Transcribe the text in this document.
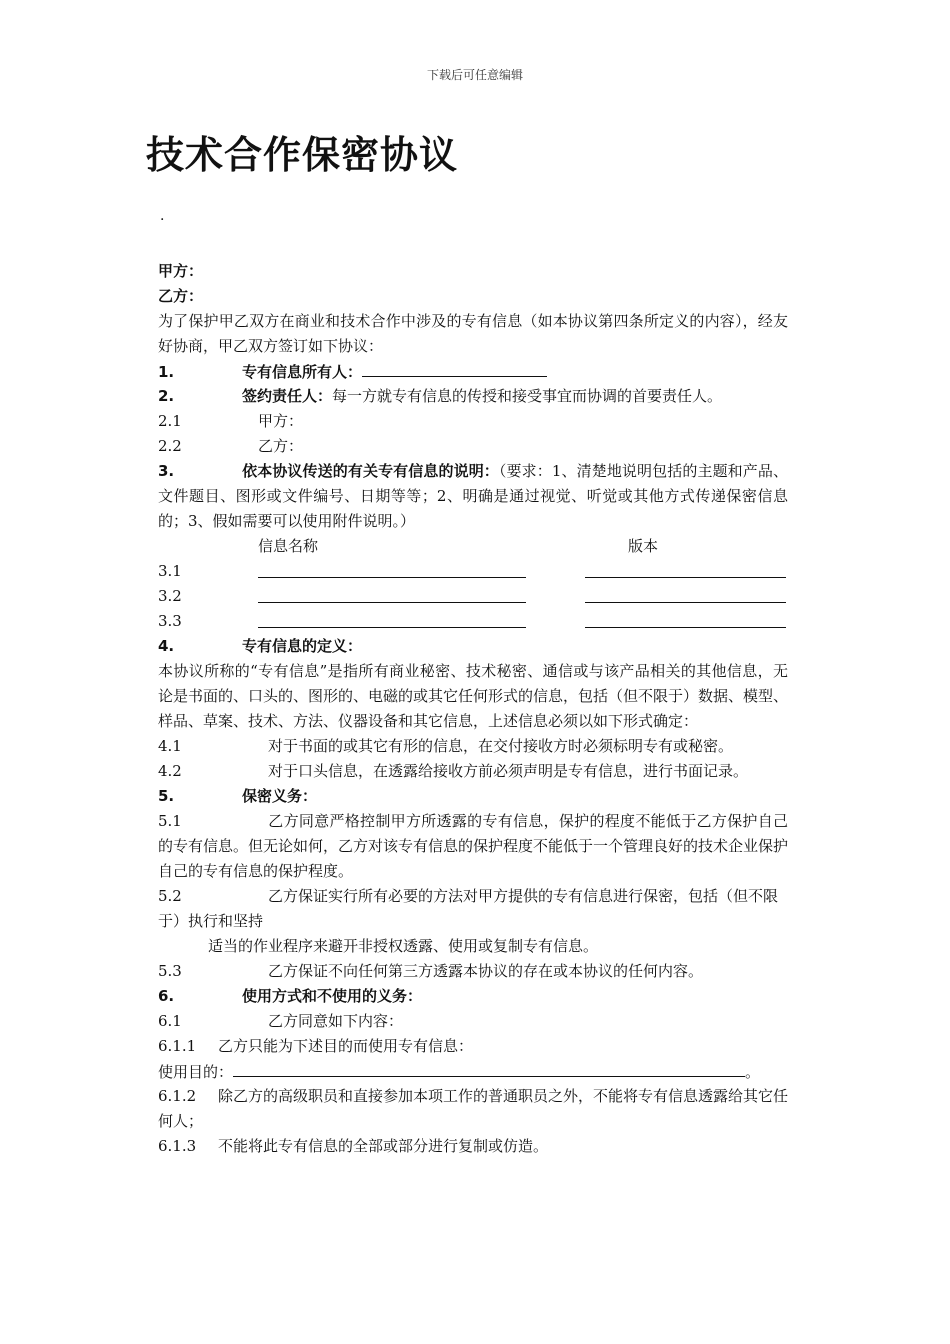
下载后可任意编辑
技术合作保密协议
·
甲方：
乙方：
为了保护甲乙双方在商业和技术合作中涉及的专有信息（如本协议第四条所定义的内容），经友好协商，甲乙双方签订如下协议：
1.	专有信息所有人：
2.	签约责任人：每一方就专有信息的传授和接受事宜而协调的首要责任人。
2.1	甲方：
2.2	乙方：
3.	依本协议传送的有关专有信息的说明：（要求：1、清楚地说明包括的主题和产品、文件题目、图形或文件编号、日期等等；2、明确是通过视觉、听觉或其他方式传递保密信息的；3、假如需要可以使用附件说明。）
信息名称	版本
3.1
3.2
3.3
4.	专有信息的定义：
本协议所称的“专有信息”是指所有商业秘密、技术秘密、通信或与该产品相关的其他信息，无论是书面的、口头的、图形的、电磁的或其它任何形式的信息，包括（但不限于）数据、模型、样品、草案、技术、方法、仪器设备和其它信息，上述信息必须以如下形式确定：
4.1	对于书面的或其它有形的信息，在交付接收方时必须标明专有或秘密。
4.2	对于口头信息，在透露给接收方前必须声明是专有信息，进行书面记录。
5.	保密义务：
5.1	乙方同意严格控制甲方所透露的专有信息，保护的程度不能低于乙方保护自己的专有信息。但无论如何，乙方对该专有信息的保护程度不能低于一个管理良好的技术企业保护自己的专有信息的保护程度。
5.2	乙方保证实行所有必要的方法对甲方提供的专有信息进行保密，包括（但不限于）执行和坚持
适当的作业程序来避开非授权透露、使用或复制专有信息。
5.3	乙方保证不向任何第三方透露本协议的存在或本协议的任何内容。
6.	使用方式和不使用的义务：
6.1	乙方同意如下内容：
6.1.1 乙方只能为下述目的而使用专有信息：
使用目的：	。
6.1.2 除乙方的高级职员和直接参加本项工作的普通职员之外，不能将专有信息透露给其它任何人；
6.1.3 不能将此专有信息的全部或部分进行复制或仿造。
